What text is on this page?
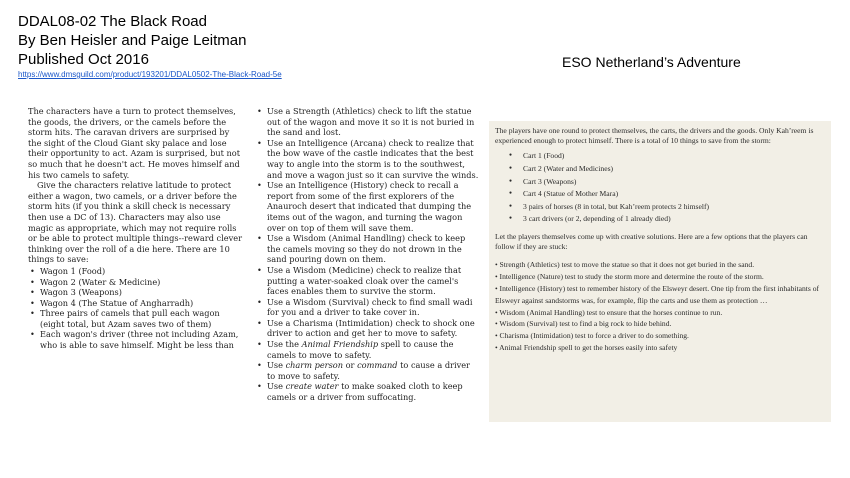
DDAL08-02 The Black Road
By Ben Heisler and Paige Leitman
Published Oct 2016
https://www.dmsguild.com/product/193201/DDAL0502-The-Black-Road-5e
ESO Netherland’s Adventure

The characters have a turn to protect themselves, the goods, the drivers, or the camels before the storm hits. The caravan drivers are surprised by the sight of the Cloud Giant sky palace and lose their opportunity to act. Azam is surprised, but not so much that he doesn't act. He moves himself and his two camels to safety.

Give the characters relative latitude to protect either a wagon, two camels, or a driver before the storm hits (if you think a skill check is necessary then use a DC of 13). Characters may also use magic as appropriate, which may not require rolls or be able to protect multiple things--reward clever thinking over the roll of a die here. There are 10 things to save:

• Wagon 1 (Food)
• Wagon 2 (Water & Medicine)
• Wagon 3 (Weapons)
• Wagon 4 (The Statue of Angharradh)
• Three pairs of camels that pull each wagon (eight total, but Azam saves two of them)
• Each wagon's driver (three not including Azam, who is able to save himself. Might be less than
• Use a Strength (Athletics) check to lift the statue out of the wagon and move it so it is not buried in the sand and lost.
• Use an Intelligence (Arcana) check to realize that the bow wave of the castle indicates that the best way to angle into the storm is to the southwest, and move a wagon just so it can survive the winds.
• Use an Intelligence (History) check to recall a report from some of the first explorers of the Anauroch desert that indicated that dumping the items out of the wagon, and turning the wagon over on top of them will save them.
• Use a Wisdom (Animal Handling) check to keep the camels moving so they do not drown in the sand pouring down on them.
• Use a Wisdom (Medicine) check to realize that putting a water-soaked cloak over the camel's faces enables them to survive the storm.
• Use a Wisdom (Survival) check to find small wadi for you and a driver to take cover in.
• Use a Charisma (Intimidation) check to shock one driver to action and get her to move to safety.
• Use the Animal Friendship spell to cause the camels to move to safety.
• Use charm person or command to cause a driver to move to safety.
• Use create water to make soaked cloth to keep camels or a driver from suffocating.

The players have one round to protect themselves, the carts, the drivers and the goods. Only Kah’reem is experienced enough to protect himself. There is a total of 10 things to save from the storm:

● Cart 1 (Food)
● Cart 2 (Water and Medicines)
● Cart 3 (Weapons)
● Cart 4 (Statue of Mother Mara)
● 3 pairs of horses (8 in total, but Kah’reem protects 2 himself)
● 3 cart drivers (or 2, depending of 1 already died)

Let the players themselves come up with creative solutions. Here are a few options that the players can follow if they are stuck:

• Strength (Athletics) test to move the statue so that it does not get buried in the sand.
• Intelligence (Nature) test to study the storm more and determine the route of the storm.
• Intelligence (History) test to remember history of the Elsweyr desert. One tip from the first inhabitants of Elsweyr against sandstorms was, for example, flip the carts and use them as protection …
• Wisdom (Animal Handling) test to ensure that the horses continue to run.
• Wisdom (Survival) test to find a big rock to hide behind.
• Charisma (Intimidation) test to force a driver to do something.
• Animal Friendship spell to get the horses easily into safety
